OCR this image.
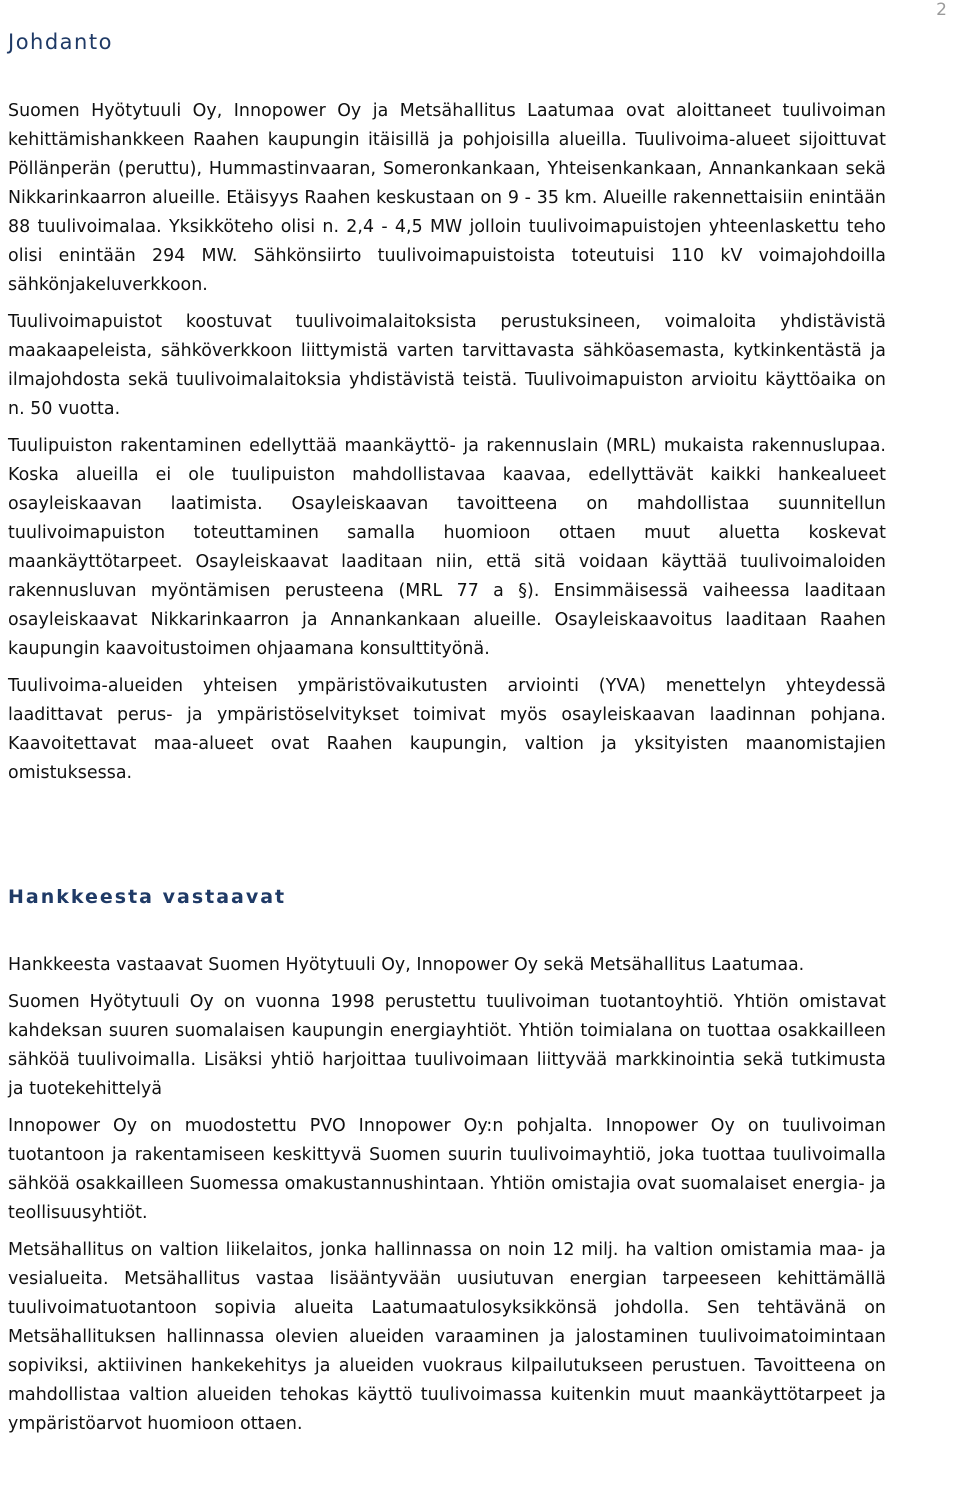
2
Johdanto

Suomen Hyötytuuli Oy, Innopower Oy ja Metsähallitus Laatumaa ovat aloittaneet tuulivoiman kehittämishankkeen Raahen kaupungin itäisillä ja pohjoisilla alueilla. Tuulivoima-alueet sijoittuvat Pöllänperän (peruttu), Hummastinvaaran, Someronkankaan, Yhteisenkankaan, Annankankaan sekä Nikkarinkaarron alueille. Etäisyys Raahen keskustaan on 9 - 35 km. Alueille rakennettaisiin enintään 88 tuulivoimalaa. Yksikköteho olisi n. 2,4 - 4,5 MW jolloin tuulivoimapuistojen yhteenlaskettu teho olisi enintään 294 MW. Sähkönsiirto tuulivoimapuistoista toteutuisi 110 kV voimajohdoilla sähkönjakeluverkkoon.

Tuulivoimapuistot koostuvat tuulivoimalaitoksista perustuksineen, voimaloita yhdistävistä maakaapeleista, sähköverkkoon liittymistä varten tarvittavasta sähköasemasta, kytkinkentästä ja ilmajohdosta sekä tuulivoimalaitoksia yhdistävistä teistä. Tuulivoimapuiston arvioitu käyttöaika on n. 50 vuotta.

Tuulipuiston rakentaminen edellyttää maankäyttö- ja rakennuslain (MRL) mukaista rakennuslupaa. Koska alueilla ei ole tuulipuiston mahdollistavaa kaavaa, edellyttävät kaikki hankealueet osayleiskaavan laatimista. Osayleiskaavan tavoitteena on mahdollistaa suunnitellun tuulivoimapuiston toteuttaminen samalla huomioon ottaen muut aluetta koskevat maankäyttötarpeet. Osayleiskaavat laaditaan niin, että sitä voidaan käyttää tuulivoimaloiden rakennusluvan myöntämisen perusteena (MRL 77 a §). Ensimmäisessä vaiheessa laaditaan osayleiskaavat Nikkarinkaarron ja Annankankaan alueille. Osayleiskaavoitus laaditaan Raahen kaupungin kaavoitustoimen ohjaamana konsulttityönä.

Tuulivoima-alueiden yhteisen ympäristövaikutusten arviointi (YVA) menettelyn yhteydessä laadittavat perus- ja ympäristöselvitykset toimivat myös osayleiskaavan laadinnan pohjana. Kaavoitettavat maa-alueet ovat Raahen kaupungin, valtion ja yksityisten maanomistajien omistuksessa.

Hankkeesta vastaavat

Hankkeesta vastaavat Suomen Hyötytuuli Oy, Innopower Oy sekä Metsähallitus Laatumaa.

Suomen Hyötytuuli Oy on vuonna 1998 perustettu tuulivoiman tuotantoyhtiö. Yhtiön omistavat kahdeksan suuren suomalaisen kaupungin energiayhtiöt. Yhtiön toimialana on tuottaa osakkailleen sähköä tuulivoimalla. Lisäksi yhtiö harjoittaa tuulivoimaan liittyvää markkinointia sekä tutkimusta ja tuotekehittelyä

Innopower Oy on muodostettu PVO Innopower Oy:n pohjalta. Innopower Oy on tuulivoiman tuotantoon ja rakentamiseen keskittyvä Suomen suurin tuulivoimayhtiö, joka tuottaa tuulivoimalla sähköä osakkailleen Suomessa omakustannushintaan. Yhtiön omistajia ovat suomalaiset energia- ja teollisuusyhtiöt.

Metsähallitus on valtion liikelaitos, jonka hallinnassa on noin 12 milj. ha valtion omistamia maa- ja vesialueita. Metsähallitus vastaa lisääntyvään uusiutuvan energian tarpeeseen kehittämällä tuulivoimatuotantoon sopivia alueita Laatumaatulosyksikkönsä johdolla. Sen tehtävänä on Metsähallituksen hallinnassa olevien alueiden varaaminen ja jalostaminen tuulivoimatoimintaan sopiviksi, aktiivinen hankekehitys ja alueiden vuokraus kilpailutukseen perustuen. Tavoitteena on mahdollistaa valtion alueiden tehokas käyttö tuulivoimassa kuitenkin muut maankäyttötarpeet ja ympäristöarvot huomioon ottaen.
